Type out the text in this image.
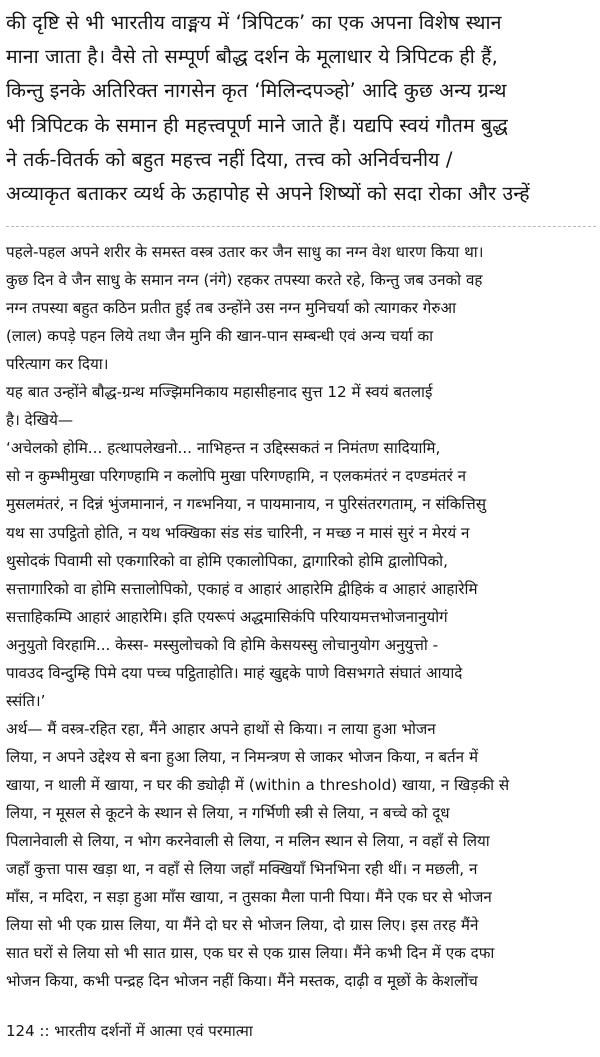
की दृष्टि से भी भारतीय वाङ्मय में ‘त्रिपिटक’ का एक अपना विशेष स्थान
माना जाता है। वैसे तो सम्पूर्ण बौद्ध दर्शन के मूलाधार ये त्रिपिटक ही हैं,
किन्तु इनके अतिरिक्त नागसेन कृत ‘मिलिन्दपञ्हो’ आदि कुछ अन्य ग्रन्थ
भी त्रिपिटक के समान ही महत्त्वपूर्ण माने जाते हैं। यद्यपि स्वयं गौतम बुद्ध
ने तर्क-वितर्क को बहुत महत्त्व नहीं दिया, तत्त्व को अनिर्वचनीय /
अव्याकृत बताकर व्यर्थ के ऊहापोह से अपने शिष्यों को सदा रोका और उन्हें
पहले-पहल अपने शरीर के समस्त वस्त्र उतार कर जैन साधु का नग्न वेश धारण किया था।
कुछ दिन वे जैन साधु के समान नग्न (नंगे) रहकर तपस्या करते रहे, किन्तु जब उनको वह
नग्न तपस्या बहुत कठिन प्रतीत हुई तब उन्होंने उस नग्न मुनिचर्या को त्यागकर गेरुआ
(लाल) कपड़े पहन लिये तथा जैन मुनि की खान-पान सम्बन्धी एवं अन्य चर्या का
परित्याग कर दिया।
यह बात उन्होंने बौद्ध-ग्रन्थ मज्झिमनिकाय महासीहनाद सुत्त 12 में स्वयं बतलाई
है। देखिये—
‘अचेलको होमि... हत्थापलेखनो... नाभिहन्त न उद्दिस्सकतं न निमंतण सादियामि,
सो न कुम्भीमुखा परिगण्हामि न कलोपि मुखा परिगण्हामि, न एलकमंतरं न दण्डमंतरं न
मुसलमंतरं, न दिन्नं भुंजमानानं, न गब्भनिया, न पायमानाय, न पुरिसंतरगताम्, न संकित्तिसु
यथ सा उपट्ठितो होति, न यथ भक्खिका संड संड चारिनी, न मच्छ न मासं सुरं न मेरयं न
थुसोदकं पिवामी सो एकगारिको वा होमि एकालोपिका, द्वागारिको होमि द्वालोपिको,
सत्तागारिको वा होमि सत्तालोपिको, एकाहं व आहारं आहारेमि द्वीहिकं व आहारं आहारेमि
सत्ताहिकम्पि आहारं आहारेमि। इति एयरूपं अद्धमासिकंपि परियायमत्तभोजनानुयोगं
अनुयुतो विरहामि... केस्स- मस्सुलोचको वि होमि केसयस्सु लोचानुयोग अनुयुत्तो -
पावउद विन्दुम्हि पिमे दया पच्च पट्ठिताहोति। माहं खुद्दके पाणे विसभगते संघातं आयादे
स्संति।’
अर्थ— मैं वस्त्र-रहित रहा, मैंने आहार अपने हाथों से किया। न लाया हुआ भोजन
लिया, न अपने उद्देश्य से बना हुआ लिया, न निमन्त्रण से जाकर भोजन किया, न बर्तन में
खाया, न थाली में खाया, न घर की ड्योढ़ी में (within a threshold) खाया, न खिड़की से
लिया, न मूसल से कूटने के स्थान से लिया, न गर्भिणी स्त्री से लिया, न बच्चे को दूध
पिलानेवाली से लिया, न भोग करनेवाली से लिया, न मलिन स्थान से लिया, न वहाँ से लिया
जहाँ कुत्ता पास खड़ा था, न वहाँ से लिया जहाँ मक्खियाँ भिनभिना रही थीं। न मछली, न
माँस, न मदिरा, न सड़ा हुआ माँस खाया, न तुसका मैला पानी पिया। मैंने एक घर से भोजन
लिया सो भी एक ग्रास लिया, या मैंने दो घर से भोजन लिया, दो ग्रास लिए। इस तरह मैंने
सात घरों से लिया सो भी सात ग्रास, एक घर से एक ग्रास लिया। मैंने कभी दिन में एक दफा
भोजन किया, कभी पन्द्रह दिन भोजन नहीं किया। मैंने मस्तक, दाढ़ी व मूछों के केशलोंच
124 :: भारतीय दर्शनों में आत्मा एवं परमात्मा
